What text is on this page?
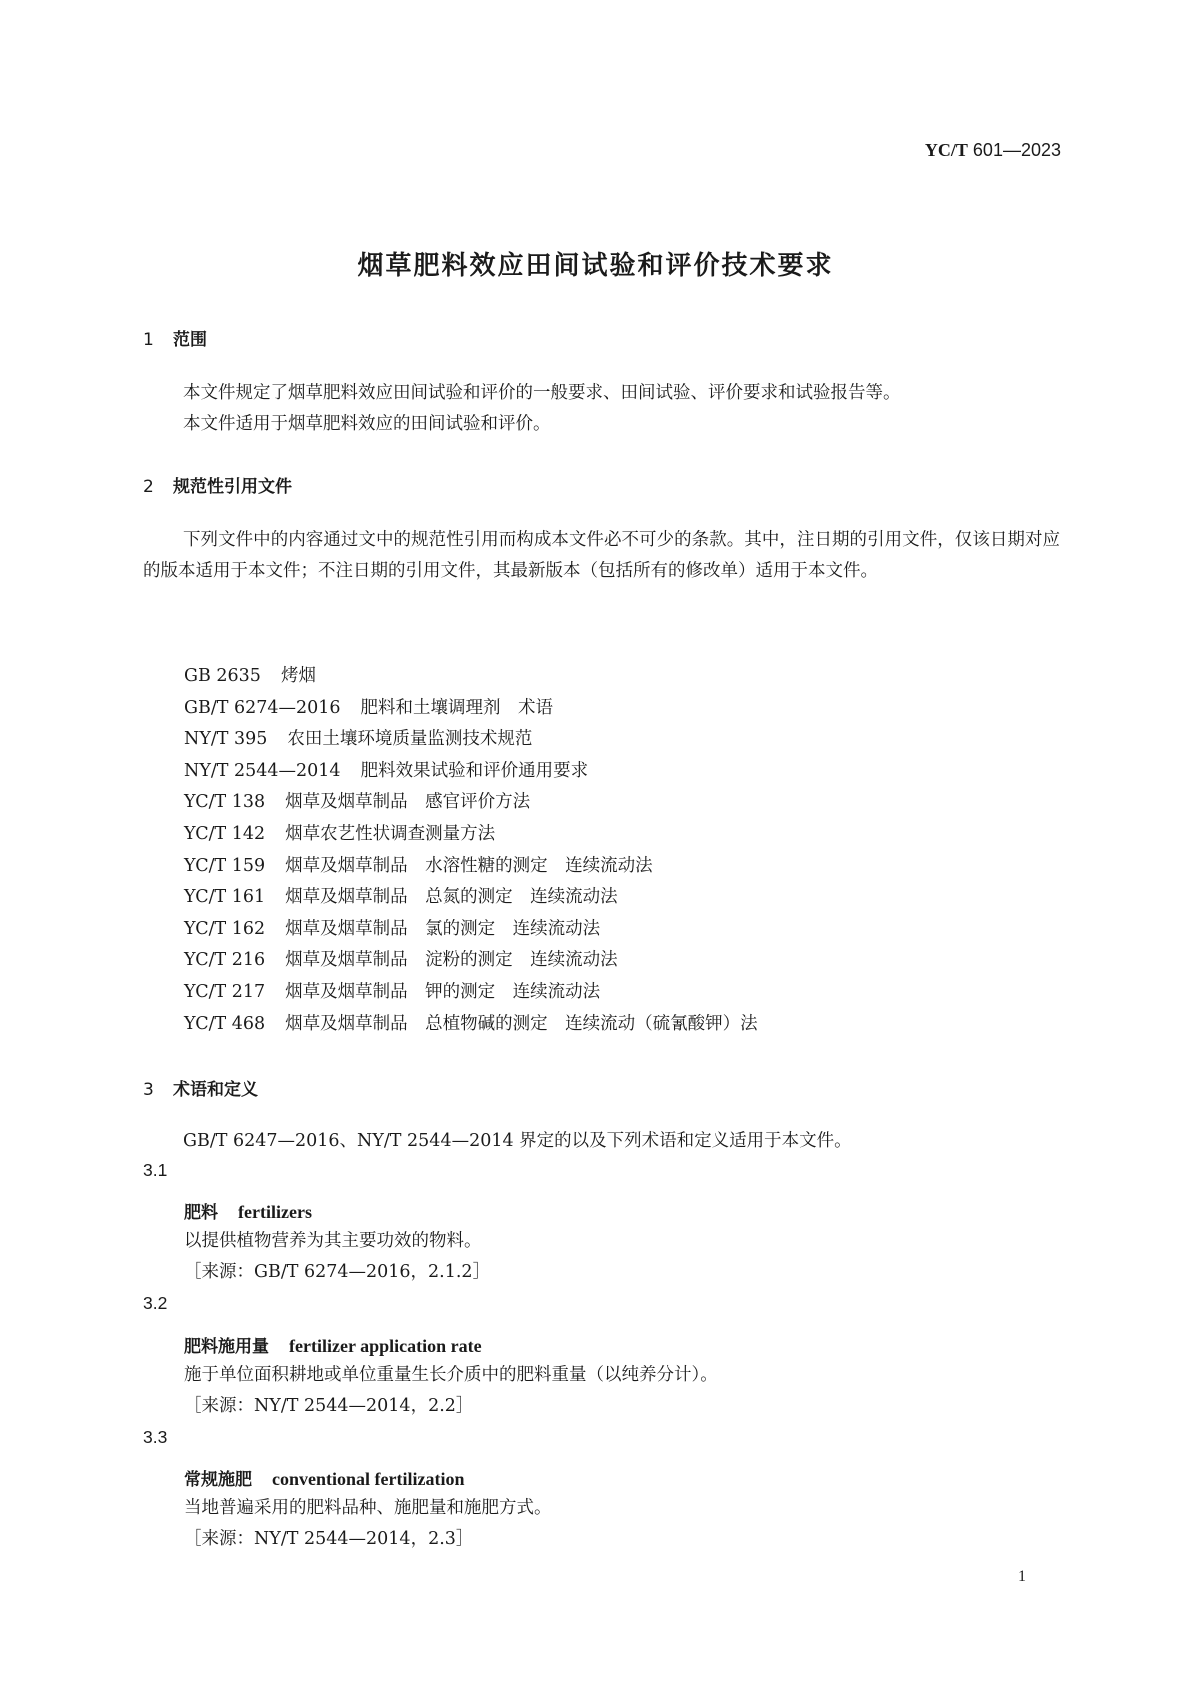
YC/T 601—2023
烟草肥料效应田间试验和评价技术要求
1 范围
本文件规定了烟草肥料效应田间试验和评价的一般要求、田间试验、评价要求和试验报告等。
本文件适用于烟草肥料效应的田间试验和评价。
2 规范性引用文件
下列文件中的内容通过文中的规范性引用而构成本文件必不可少的条款。其中，注日期的引用文件，仅该日期对应的版本适用于本文件；不注日期的引用文件，其最新版本（包括所有的修改单）适用于本文件。
GB 2635 烤烟
GB/T 6274—2016 肥料和土壤调理剂　术语
NY/T 395 农田土壤环境质量监测技术规范
NY/T 2544—2014 肥料效果试验和评价通用要求
YC/T 138 烟草及烟草制品　感官评价方法
YC/T 142 烟草农艺性状调查测量方法
YC/T 159 烟草及烟草制品　水溶性糖的测定　连续流动法
YC/T 161 烟草及烟草制品　总氮的测定　连续流动法
YC/T 162 烟草及烟草制品　氯的测定　连续流动法
YC/T 216 烟草及烟草制品　淀粉的测定　连续流动法
YC/T 217 烟草及烟草制品　钾的测定　连续流动法
YC/T 468 烟草及烟草制品　总植物碱的测定　连续流动（硫氰酸钾）法
3 术语和定义
GB/T 6247—2016、NY/T 2544—2014 界定的以及下列术语和定义适用于本文件。
3.1
肥料 fertilizers
以提供植物营养为其主要功效的物料。
［来源：GB/T 6274—2016，2.1.2］
3.2
肥料施用量 fertilizer application rate
施于单位面积耕地或单位重量生长介质中的肥料重量（以纯养分计）。
［来源：NY/T 2544—2014，2.2］
3.3
常规施肥 conventional fertilization
当地普遍采用的肥料品种、施肥量和施肥方式。
［来源：NY/T 2544—2014，2.3］
1
